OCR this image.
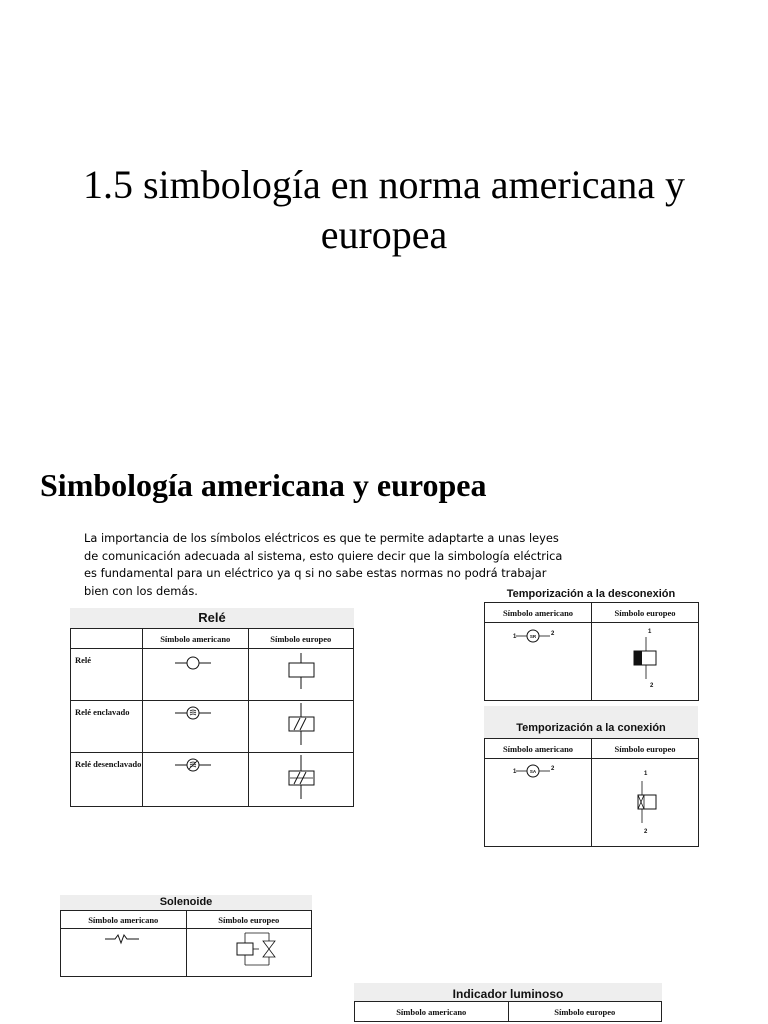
1.5 simbología en norma americana y europea
Simbología americana y europea

La importancia de los símbolos eléctricos es que te permite adaptarte a unas leyes de comunicación adecuada al sistema, esto quiere decir que la simbología eléctrica es fundamental para un eléctrico ya q si no sabe estas normas no podrá trabajar bien con los demás.

Relé
	Símbolo americano	Símbolo europeo
Relé	

Relé enclavado	

Relé desenclavado	

Temporización a la desconexión
Símbolo americano	Símbolo europeo

1 SR 2	1
2
Temporización a la conexión
Símbolo americano	Símbolo europeo

1 SA 2	1
2
Solenoide
Símbolo americano	Símbolo europeo

Indicador luminoso
Símbolo americano	Símbolo europeo
